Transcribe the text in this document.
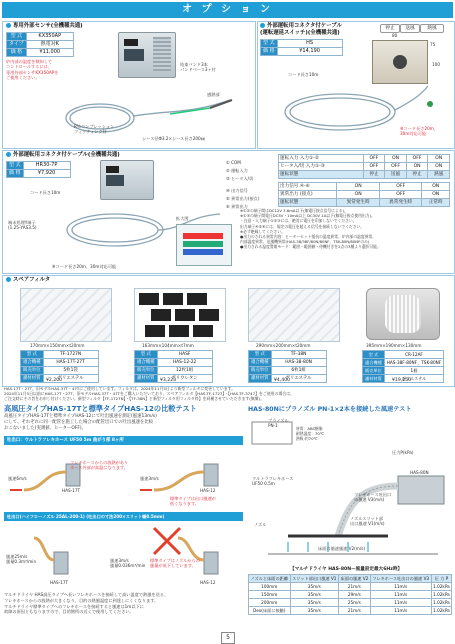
オ プ シ ョ ン
専用外部センサ(全機種共通)
型 式	KX350AP
タイプ	熱電対K
価 格	¥11,000
炉内部の温度を検知して
コントロールするには、
専用外部センサKX350APを
ご使用ください。
結束バンド3本
パンドベース3ヶ付
感熱部
R½コンプレッション
フィッティング付
シース径Φ3.2×シース長さ200㎜
外部運転用コネクタ付ケーブル
(運転遅延スイッチ)(全機種共通)
停止	送風	熱風
型 式	HS
価 格	¥14,190
80
75
100
コード長さ10m
※コード長さ20m、
30m対応可能
外部運転用コネクタ付ケーブル(全機種共通)
型 式	HR30-7P
価 格	¥7,920
コード長さ10m
端末処理Y端子
(1.25-YAS3.5)
※コード長さ20m、30m対応可能
拡大図
① COM
② 運転入力
③ ヒータ入/切
④ 出力信号
⑤ 異常出力(接点)
⑥ 異常出力
運転入力 入力①-②	OFF	ON	OFF	ON
ヒータ入/切 入力①-③	OFF	OFF	ON	ON
運転状態	停止	送風	停止	熱風
出力信号 ④-⑥	ON	OFF	ON
異常出力 (接点)	ON	OFF	ON
運転状態	異常発生時	異常発生時	正常時
※①②の端子間はDC12V 3.6mA以下(無電圧接点信号による)。
※①③の端子間電圧DC5V・10mA以上 DC30V 1A以下(無電圧接点使用出力)。
・注意・入力端子①②③には、絶対に電圧を印加しないでください。
出力端子④⑤⑥には、規定の電圧を超える信号を接続しないでください。
※必ず絶縁してください。
●出力のされる異常内容：ヒーターセット抵抗の温度異常、炉内部の温度異常、
内部温度異常、送風機異常(HAS-38/38F/80N/80NF、TSK-80N/80NFのみ)
●出力される温度警報モード：範囲・範囲値・待機付きを2点の3種より選択可能。
スペアフィルタ
170mm×150mm×t20mm	163mm×104mm×t7mm	290mm×200mm×t20mm	395mm×190mm×130mm
型 式	TF-1727N
適合機種	HAS-17T-27T
販売単位	5枚1袋
濾材材質	ポリエステル
型 式	HASF
適合機種	HAS-12-22
販売単位	12枚1組
濾材材質	ポリウレタン
型 式	TF-38N
適合機種	HAS-38-80N
販売単位	6枚1組
濾材材質	ポリエステル
型 式	CR-12AF
適合機種	HAS-38F-80NF、TSK-80NF
販売単位	1個
濾材材質	ポリエステル
¥2,200	¥3,223	¥4,400	¥19,250
HAS-17T・27T、旧モデルHAS-37T・47Tにご使用しています。フィルタは、2024年11月5日より新型フィルタに変更しています。
2024年11月5日以前にHAS-17T・27T、旧モデルHAS-37T・47Tをご購入いただいており、スペアフィルタ【HAS-TF-1727】・【HAS-TF-3747】をご使用の場合は、
ご注文時にその旨をお申し付けください。新型フィルタ【TF-1727N】・【TF-38N】と新型フィルタ用フィルタ枠】を同梱させていただきます(無償)。
高風圧タイプHAS-17Tと標準タイプHAS-12の比較テスト
高風圧タイプHAS-17Tと標準タイプHAS-12にて吐出風速を測定(風速13m/s)
にして、それぞれに同一配管を施工した場合の配管出口での吐出風速を比較
おこないました(実測値、ヒーターOFF)。
吐出口：ウルトラフレキホース UF50 5m 曲がり部 8ヶ所
風速6m/s
HAS-17T
フレキホースからの放熱があり
ホース外部が高温になります。
風速3m/s
HAS-12
標準タイプは出口風速が
低くなります。
吐出口(ハイフローノズル 25AL-200-1) (吐出口の寸法200×スリット幅0.5mm)
風速25m/s
風量0.3m³/min
HAS-17T
風速3m/s
風量0.036m³/min
HAS-12
標準タイプはノズルからの
風量が低下しています。
マルチドライヤ HAS高圧タイプへ長いフレキホースを接続して高い温度で熱風を送る、
フレキホースからの放熱が大きくなり、目的の熱風温度に到達しにくくなります。
マルチドライヤ標準タイプへのフレキホースを接続すると風速は1m以下に
故障の原因ともなりますので、目的箇所の近くで使用してください。
HAS-80Nにプラノズル PN-1×2本を接続した風速テスト
プラノズル
PN-1
材質：ABS樹脂
耐熱温度：70℃
熱吸:約70℃
圧力P(kPa)
HAS-80N
ウルトラフレキホース
UF50 0.5m
フレキホース吐出口
の風速 V3(m/s)
ノズル
ノズルスリット部
出口風速 V1(m/s)
床面の風速風速 V2(m/s)
【マルチドライヤ HAS-80N—風量設定最大6Hz時】
ノズルと床面の距離	スリット部出口風速 V1	床面の風速 V2	フレキホース吐出口の風速 V3	圧 力 P
100mm	35m/s	21m/s	11m/s	1.02kPa
150mm	35m/s	29m/s	11m/s	1.02kPa
200mm	35m/s	25m/s	11m/s	1.02kPa
Dex(床面に接触)	35m/s	21m/s	11m/s	1.02kPa
5
